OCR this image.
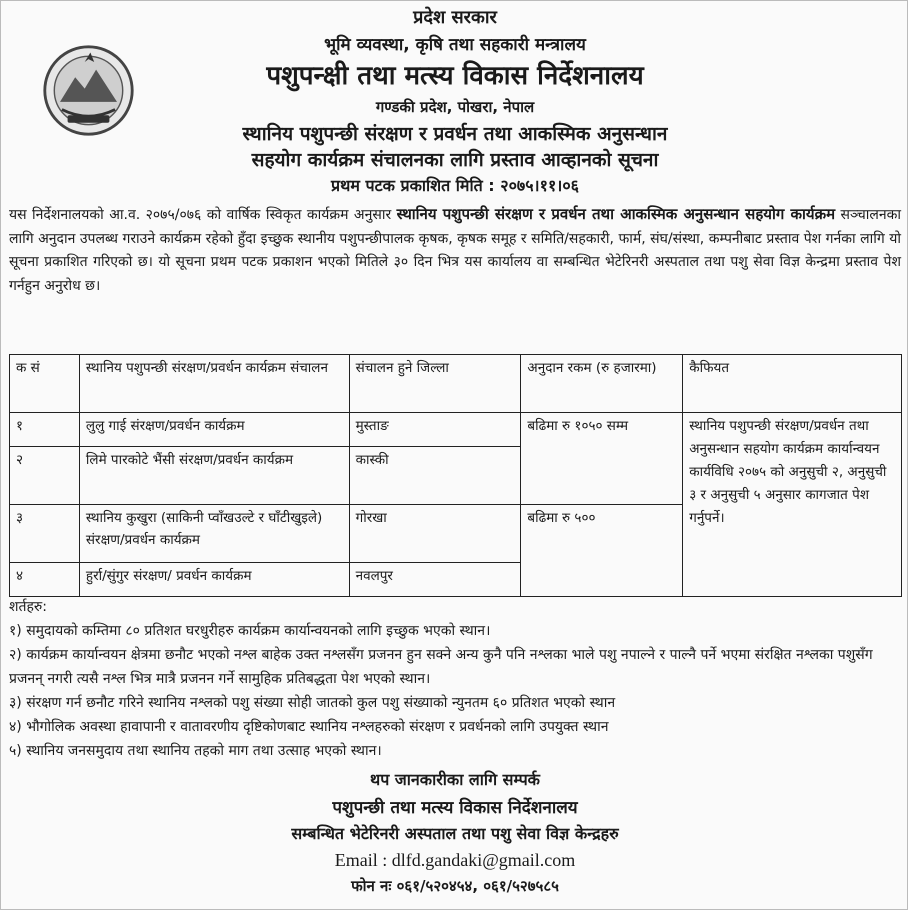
प्रदेश सरकार
भूमि व्यवस्था, कृषि तथा सहकारी मन्त्रालय
पशुपन्क्षी तथा मत्स्य विकास निर्देशनालय
गण्डकी प्रदेश, पोखरा, नेपाल
स्थानिय पशुपन्छी संरक्षण र प्रवर्धन तथा आकस्मिक अनुसन्धान
सहयोग कार्यक्रम संचालनका लागि प्रस्ताव आव्हानको सूचना
प्रथम पटक प्रकाशित मिति : २०७५।११।०६

यस निर्देशनालयको आ.व. २०७५/०७६ को वार्षिक स्विकृत कार्यक्रम अनुसार स्थानिय पशुपन्छी संरक्षण र प्रवर्धन तथा आकस्मिक अनुसन्धान सहयोग कार्यक्रम सञ्चालनका लागि अनुदान उपलब्ध गराउने कार्यक्रम रहेको हुँदा इच्छुक स्थानीय पशुपन्छीपालक कृषक, कृषक समूह र समिति/सहकारी, फार्म, संघ/संस्था, कम्पनीबाट प्रस्ताव पेश गर्नका लागि यो सूचना प्रकाशित गरिएको छ। यो सूचना प्रथम पटक प्रकाशन भएको मितिले ३० दिन भित्र यस कार्यालय वा सम्बन्धित भेटेरिनरी अस्पताल तथा पशु सेवा विज्ञ केन्द्रमा प्रस्ताव पेश गर्नहुन अनुरोध छ।

क सं	स्थानिय पशुपन्छी संरक्षण/प्रवर्धन कार्यक्रम संचालन	संचालन हुने जिल्ला	अनुदान रकम (रु हजारमा)	कैफियत
१	लुलु गाई संरक्षण/प्रवर्धन कार्यक्रम	मुस्ताङ	बढिमा रु १०५० सम्म	स्थानिय पशुपन्छी संरक्षण/प्रवर्धन तथा अनुसन्धान सहयोग कार्यक्रम कार्यान्वयन कार्यविधि २०७५ को अनुसुची २, अनुसुची ३ र अनुसुची ५ अनुसार कागजात पेश गर्नुपर्ने।
२	लिमे पारकोटे भैंसी संरक्षण/प्रवर्धन कार्यक्रम	कास्की		
३	स्थानिय कुखुरा (साकिनी प्वाँखउल्टे र घाँटीखुइले) संरक्षण/प्रवर्धन कार्यक्रम	गोरखा	बढिमा रु ५००	
४	हुर्रा/सुंगुर संरक्षण/ प्रवर्धन कार्यक्रम	नवलपुर		
शर्तहरु:
१) समुदायको कम्तिमा ८० प्रतिशत घरधुरीहरु कार्यक्रम कार्यान्वयनको लागि इच्छुक भएको स्थान।
२) कार्यक्रम कार्यान्वयन क्षेत्रमा छनौट भएको नश्ल बाहेक उक्त नश्लसँग प्रजनन हुन सक्ने अन्य कुनै पनि नश्लका भाले पशु नपाल्ने र पाल्नै पर्ने भएमा संरक्षित नश्लका पशुसँग प्रजनन् नगरी त्यसै नश्ल भित्र मात्रै प्रजनन गर्ने सामुहिक प्रतिबद्धता पेश भएको स्थान।
३) संरक्षण गर्न छनौट गरिने स्थानिय नश्लको पशु संख्या सोही जातको कुल पशु संख्याको न्युनतम ६० प्रतिशत भएको स्थान
४) भौगोलिक अवस्था हावापानी र वातावरणीय दृष्टिकोणबाट स्थानिय नश्लहरुको संरक्षण र प्रवर्धनको लागि उपयुक्त स्थान
५) स्थानिय जनसमुदाय तथा स्थानिय तहको माग तथा उत्साह भएको स्थान।
थप जानकारीका लागि सम्पर्क
पशुपन्छी तथा मत्स्य विकास निर्देशनालय
सम्बन्धित भेटेरिनरी अस्पताल तथा पशु सेवा विज्ञ केन्द्रहरु
Email : dlfd.gandaki@gmail.com
फोन नः ०६१/५२०४५४, ०६१/५२७५८५
